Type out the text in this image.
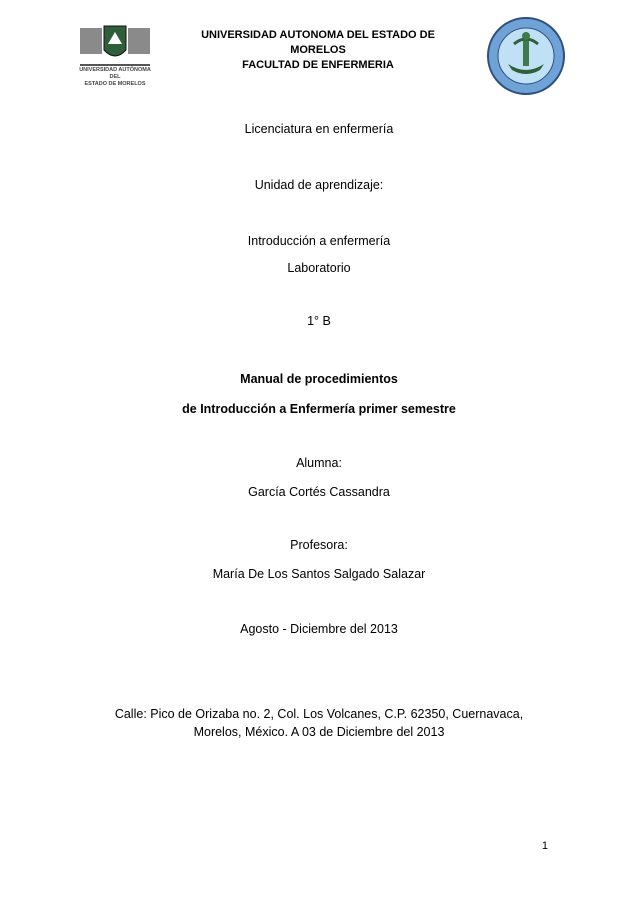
UNIVERSIDAD AUTÓNOMA DEL
ESTADO DE MORELOS
UNIVERSIDAD AUTONOMA DEL ESTADO DE
MORELOS
FACULTAD DE ENFERMERIA
Licenciatura en enfermería
Unidad de aprendizaje:
Introducción a enfermería
Laboratorio
1° B
Manual de procedimientos
de Introducción a Enfermería primer semestre
Alumna:
García Cortés Cassandra
Profesora:
María De Los Santos Salgado Salazar
Agosto - Diciembre del 2013
Calle: Pico de Orizaba no. 2, Col. Los Volcanes, C.P. 62350, Cuernavaca,
Morelos, México. A 03 de Diciembre del 2013
1
